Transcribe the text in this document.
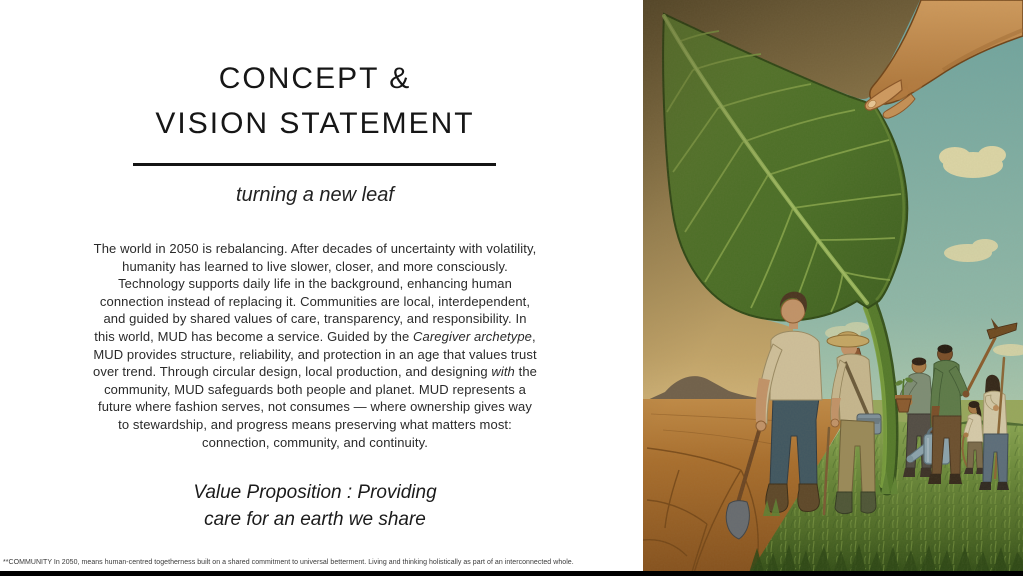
CONCEPT &
VISION STATEMENT
turning a new leaf

The world in 2050 is rebalancing. After decades of uncertainty with volatility, humanity has learned to live slower, closer, and more consciously. Technology supports daily life in the background, enhancing human connection instead of replacing it. Communities are local, interdependent, and guided by shared values of care, transparency, and responsibility. In this world, MUD has become a service. Guided by the Caregiver archetype, MUD provides structure, reliability, and protection in an age that values trust over trend. Through circular design, local production, and designing with the community, MUD safeguards both people and planet. MUD represents a future where fashion serves, not consumes — where ownership gives way to stewardship, and progress means preserving what matters most: connection, community, and continuity.

Value Proposition : Providing
care for an earth we share
**COMMUNITY In 2050, means human-centred togetherness built on a shared commitment to universal betterment. Living and thinking holistically as part of an interconnected whole.
